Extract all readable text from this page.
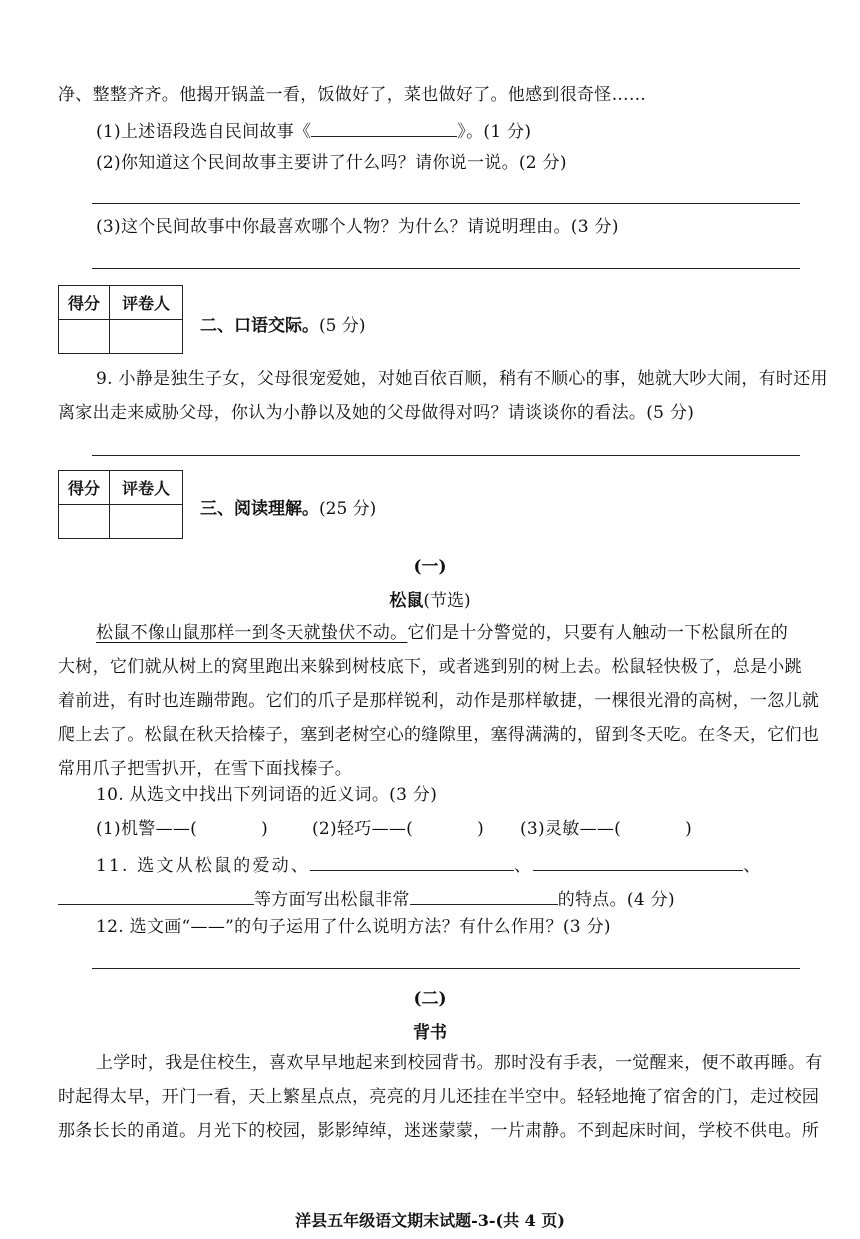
净、整整齐齐。他揭开锅盖一看，饭做好了，菜也做好了。他感到很奇怪……
(1)上述语段选自民间故事《	》。(1 分)
(2)你知道这个民间故事主要讲了什么吗？请你说一说。(2 分)
(3)这个民间故事中你最喜欢哪个人物？为什么？请说明理由。(3 分)
得分	评卷人

二、口语交际。(5 分)
9. 小静是独生子女，父母很宠爱她，对她百依百顺，稍有不顺心的事，她就大吵大闹，有时还用
离家出走来威胁父母，你认为小静以及她的父母做得对吗？请谈谈你的看法。(5 分)
得分	评卷人

三、阅读理解。(25 分)
(一)
松鼠(节选)
松鼠不像山鼠那样一到冬天就蛰伏不动。它们是十分警觉的，只要有人触动一下松鼠所在的
大树，它们就从树上的窝里跑出来躲到树枝底下，或者逃到别的树上去。松鼠轻快极了，总是小跳
着前进，有时也连蹦带跑。它们的爪子是那样锐利，动作是那样敏捷，一棵很光滑的高树，一忽儿就
爬上去了。松鼠在秋天拾榛子，塞到老树空心的缝隙里，塞得满满的，留到冬天吃。在冬天，它们也
常用爪子把雪扒开，在雪下面找榛子。
10. 从选文中找出下列词语的近义词。(3 分)
(1)机警——(	)	(2)轻巧——(	) (3)灵敏——(	)
11. 选文从松鼠的爱动、	、	、
等方面写出松鼠非常	的特点。(4 分)
12. 选文画“——”的句子运用了什么说明方法？有什么作用？(3 分)
(二)
背书
上学时，我是住校生，喜欢早早地起来到校园背书。那时没有手表，一觉醒来，便不敢再睡。有
时起得太早，开门一看，天上繁星点点，亮亮的月儿还挂在半空中。轻轻地掩了宿舍的门，走过校园
那条长长的甬道。月光下的校园，影影绰绰，迷迷蒙蒙，一片肃静。不到起床时间，学校不供电。所
洋县五年级语文期末试题-3-(共 4 页)
